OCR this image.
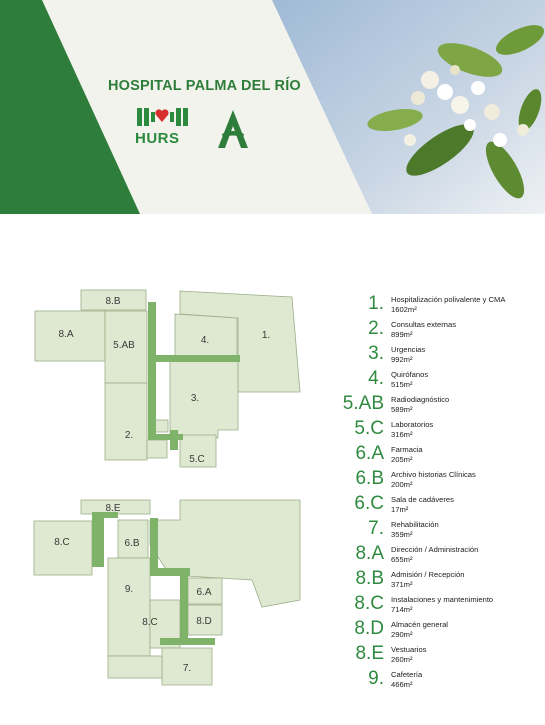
HOSPITAL PALMA DEL RÍO
HURS
8.B
8.A
5.AB	4.	1.
3.
2.
5.C
8.E
8.C	6.B
9.	6.A
8.C	8.D
7.
1. Hospitalización polivalente y CMA
1602m²
2. Consultas externas
899m²
3. Urgencias
992m²
4. Quirófanos
515m²
5.AB Radiodiagnóstico
589m²
5.C Laboratorios
316m²
6.A Farmacia
205m²
6.B Archivo historias Clínicas
200m²
6.C Sala de cadáveres
17m²
7. Rehabilitación
359m²
8.A Dirección / Administración
655m²
8.B Admisión / Recepción
371m²
8.C Instalaciones y mantenimiento
714m²
8.D Almacén general
290m²
8.E Vestuarios
260m²
9. Cafetería
466m²
